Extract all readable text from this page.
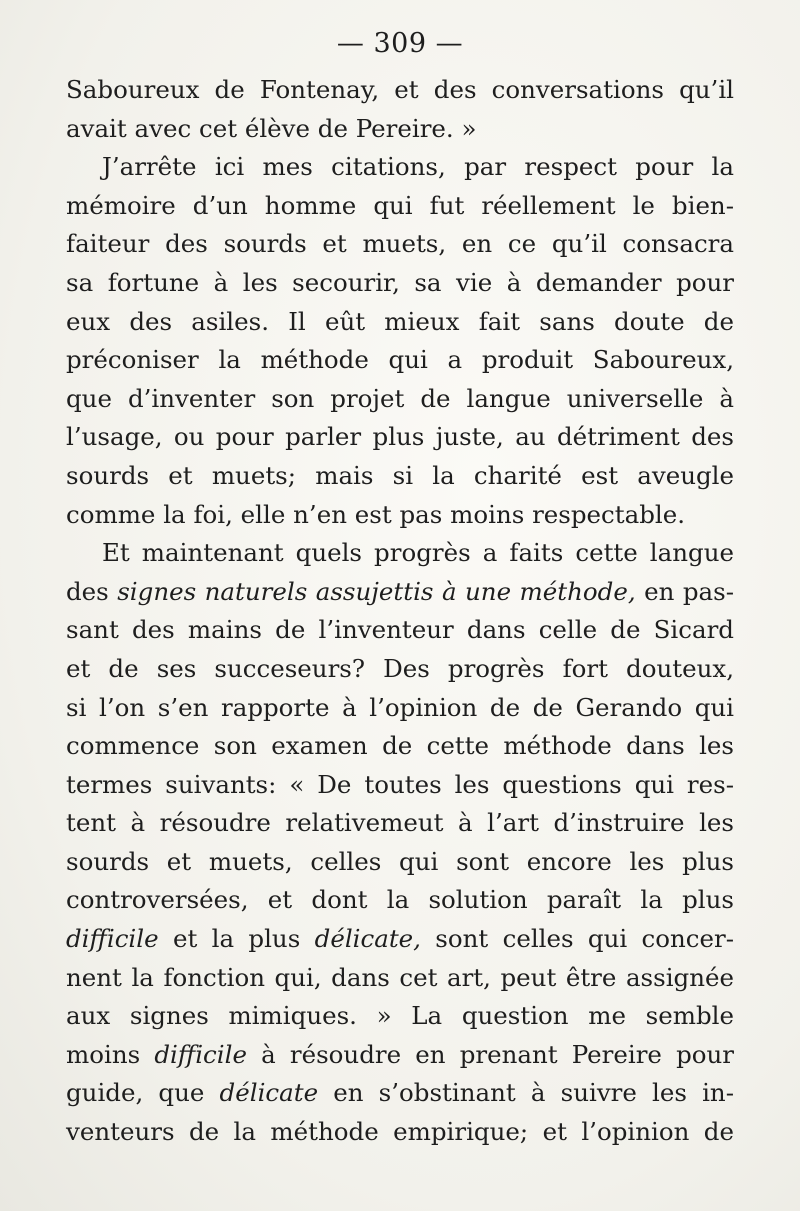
— 309 —
Saboureux de Fontenay, et des conversations qu’il
avait avec cet élève de Pereire. »
J’arrête ici mes citations, par respect pour la
mémoire d’un homme qui fut réellement le bien-
faiteur des sourds et muets, en ce qu’il consacra
sa fortune à les secourir, sa vie à demander pour
eux des asiles. Il eût mieux fait sans doute de
préconiser la méthode qui a produit Saboureux,
que d’inventer son projet de langue universelle à
l’usage, ou pour parler plus juste, au détriment des
sourds et muets; mais si la charité est aveugle
comme la foi, elle n’en est pas moins respectable.
Et maintenant quels progrès a faits cette langue
des signes naturels assujettis à une méthode, en pas-
sant des mains de l’inventeur dans celle de Sicard
et de ses succeseurs? Des progrès fort douteux,
si l’on s’en rapporte à l’opinion de de Gerando qui
commence son examen de cette méthode dans les
termes suivants: « De toutes les questions qui res-
tent à résoudre relativemeut à l’art d’instruire les
sourds et muets, celles qui sont encore les plus
controversées, et dont la solution paraît la plus
difficile et la plus délicate, sont celles qui concer-
nent la fonction qui, dans cet art, peut être assignée
aux signes mimiques. » La question me semble
moins difficile à résoudre en prenant Pereire pour
guide, que délicate en s’obstinant à suivre les in-
venteurs de la méthode empirique; et l’opinion de
